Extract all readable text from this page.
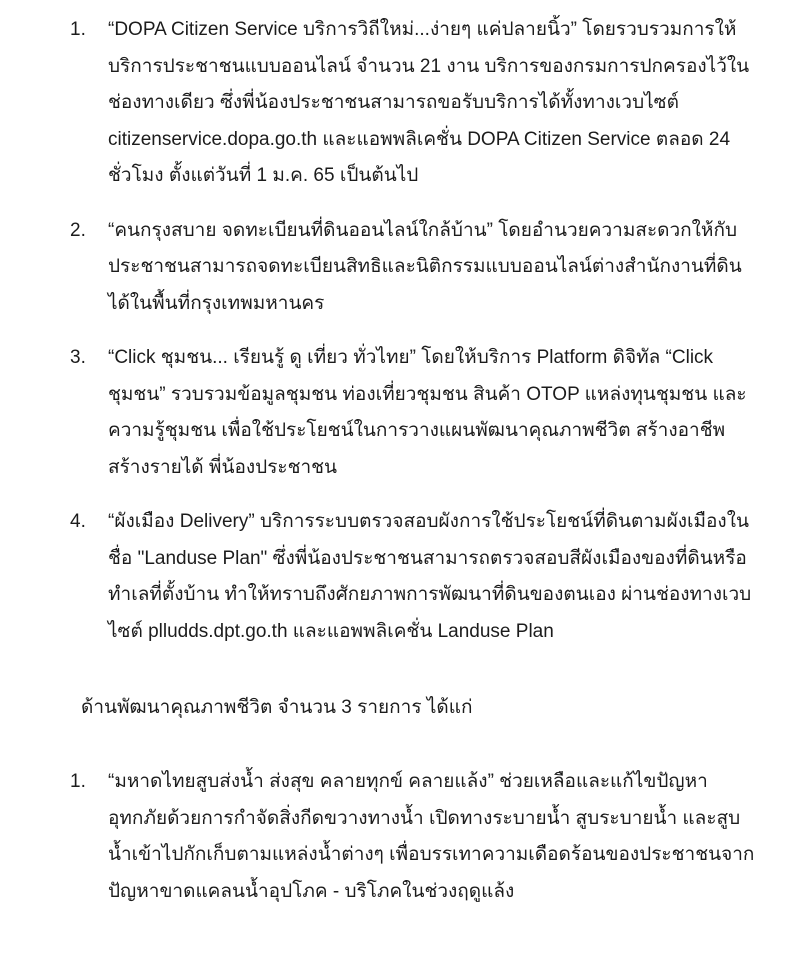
1. “DOPA Citizen Service บริการวิถีใหม่...ง่ายๆ แค่ปลายนิ้ว” โดยรวบรวมการให้บริการประชาชนแบบออนไลน์ จำนวน 21 งาน บริการของกรมการปกครองไว้ในช่องทางเดียว ซึ่งพี่น้องประชาชนสามารถขอรับบริการได้ทั้งทางเวบไซต์ citizenservice.dopa.go.th และแอพพลิเคชั่น DOPA Citizen Service ตลอด 24 ชั่วโมง ตั้งแต่วันที่ 1 ม.ค. 65 เป็นต้นไป
2. “คนกรุงสบาย จดทะเบียนที่ดินออนไลน์ใกล้บ้าน” โดยอำนวยความสะดวกให้กับประชาชนสามารถจดทะเบียนสิทธิและนิติกรรมแบบออนไลน์ต่างสำนักงานที่ดินได้ในพื้นที่กรุงเทพมหานคร
3. “Click ชุมชน... เรียนรู้ ดู เที่ยว ทั่วไทย” โดยให้บริการ Platform ดิจิทัล “Click ชุมชน” รวบรวมข้อมูลชุมชน ท่องเที่ยวชุมชน สินค้า OTOP แหล่งทุนชุมชน และความรู้ชุมชน เพื่อใช้ประโยชน์ในการวางแผนพัฒนาคุณภาพชีวิต สร้างอาชีพ สร้างรายได้ พี่น้องประชาชน
4. “ผังเมือง Delivery” บริการระบบตรวจสอบผังการใช้ประโยชน์ที่ดินตามผังเมืองในชื่อ "Landuse Plan" ซึ่งพี่น้องประชาชนสามารถตรวจสอบสีผังเมืองของที่ดินหรือทำเลที่ตั้งบ้าน ทำให้ทราบถึงศักยภาพการพัฒนาที่ดินของตนเอง ผ่านช่องทางเวบไซต์ plludds.dpt.go.th และแอพพลิเคชั่น Landuse Plan
ด้านพัฒนาคุณภาพชีวิต จำนวน 3 รายการ ได้แก่
1. “มหาดไทยสูบส่งน้ำ ส่งสุข คลายทุกข์ คลายแล้ง” ช่วยเหลือและแก้ไขปัญหาอุทกภัยด้วยการกำจัดสิ่งกีดขวางทางน้ำ เปิดทางระบายน้ำ สูบระบายน้ำ และสูบน้ำเข้าไปกักเก็บตามแหล่งน้ำต่างๆ เพื่อบรรเทาความเดือดร้อนของประชาชนจากปัญหาขาดแคลนน้ำอุปโภค - บริโภคในช่วงฤดูแล้ง
